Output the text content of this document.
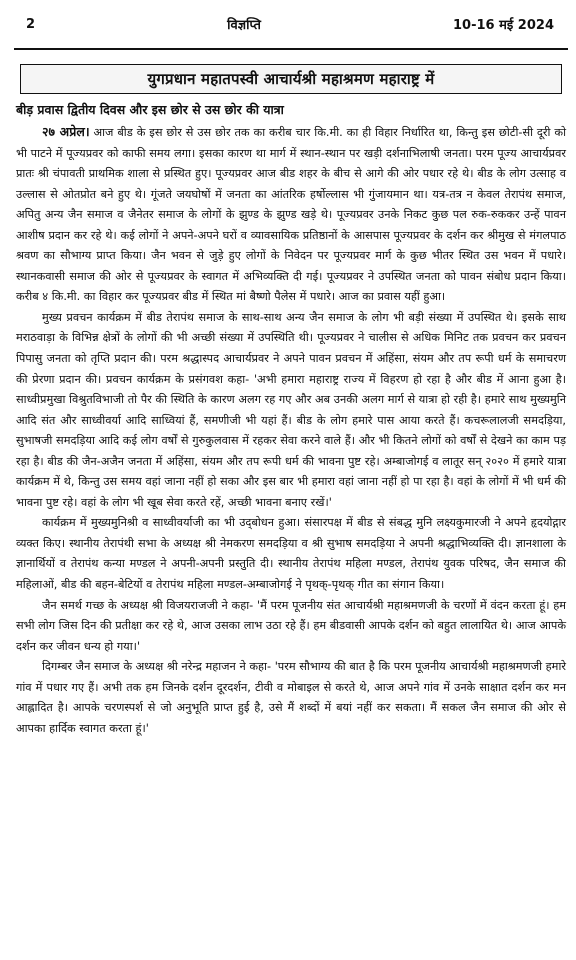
2	विज्ञप्ति	10-16 मई 2024
युगप्रधान महातपस्वी आचार्यश्री महाश्रमण महाराष्ट्र में
बीड़ प्रवास द्वितीय दिवस और इस छोर से उस छोर की यात्रा

२७ अप्रेल। आज बीड के इस छोर से उस छोर तक का करीब चार कि.मी. का ही विहार निर्धारित था, किन्तु इस छोटी-सी दूरी को भी पाटने में पूज्यप्रवर को काफी समय लगा। इसका कारण था मार्ग में स्थान-स्थान पर खड़ी दर्शनाभिलाषी जनता। परम पूज्य आचार्यप्रवर प्रातः श्री चंपावती प्राथमिक शाला से प्रस्थित हुए। पूज्यप्रवर आज बीड शहर के बीच से आगे की ओर पधार रहे थे। बीड के लोग उत्साह व उल्लास से ओतप्रोत बने हुए थे। गूंजते जयघोषों में जनता का आंतरिक हर्षोल्लास भी गुंजायमान था। यत्र-तत्र न केवल तेरापंथ समाज, अपितु अन्य जैन समाज व जैनेतर समाज के लोगों के झुण्ड के झुण्ड खड़े थे। पूज्यप्रवर उनके निकट कुछ पल रुक-रुककर उन्हें पावन आशीष प्रदान कर रहे थे। कई लोगों ने अपने-अपने घरों व व्यावसायिक प्रतिष्ठानों के आसपास पूज्यप्रवर के दर्शन कर श्रीमुख से मंगलपाठ श्रवण का सौभाग्य प्राप्त किया। जैन भवन से जुड़े हुए लोगों के निवेदन पर पूज्यप्रवर मार्ग के कुछ भीतर स्थित उस भवन में पधारे। स्थानकवासी समाज की ओर से पूज्यप्रवर के स्वागत में अभिव्यक्ति दी गई। पूज्यप्रवर ने उपस्थित जनता को पावन संबोध प्रदान किया। करीब ४ कि.मी. का विहार कर पूज्यप्रवर बीड में स्थित मां बैष्णो पैलेस में पधारे। आज का प्रवास यहीं हुआ।

मुख्य प्रवचन कार्यक्रम में बीड तेरापंथ समाज के साथ-साथ अन्य जैन समाज के लोग भी बड़ी संख्या में उपस्थित थे। इसके साथ मराठवाड़ा के विभिन्न क्षेत्रों के लोगों की भी अच्छी संख्या में उपस्थिति थी। पूज्यप्रवर ने चालीस से अधिक मिनिट तक प्रवचन कर प्रवचन पिपासु जनता को तृप्ति प्रदान की। परम श्रद्धास्पद आचार्यप्रवर ने अपने पावन प्रवचन में अहिंसा, संयम और तप रूपी धर्म के समाचरण की प्रेरणा प्रदान की। प्रवचन कार्यक्रम के प्रसंगवश कहा- 'अभी हमारा महाराष्ट्र राज्य में विहरण हो रहा है और बीड में आना हुआ है। साध्वीप्रमुखा विश्रुतविभाजी तो पैर की स्थिति के कारण अलग रह गए और अब उनकी अलग मार्ग से यात्रा हो रही है। हमारे साथ मुख्यमुनि आदि संत और साध्वीवर्या आदि साध्वियां हैं, समणीजी भी यहां हैं। बीड के लोग हमारे पास आया करते हैं। कचरूलालजी समदड़िया, सुभाषजी समदड़िया आदि कई लोग वर्षों से गुरुकुलवास में रहकर सेवा करने वाले हैं। और भी कितने लोगों को वर्षों से देखने का काम पड़ रहा है। बीड की जैन-अजैन जनता में अहिंसा, संयम और तप रूपी धर्म की भावना पुष्ट रहे। अम्बाजोगई व लातूर सन् २०२० में हमारे यात्रा कार्यक्रम में थे, किन्तु उस समय वहां जाना नहीं हो सका और इस बार भी हमारा वहां जाना नहीं हो पा रहा है। वहां के लोगों में भी धर्म की भावना पुष्ट रहे। वहां के लोग भी खूब सेवा करते रहें, अच्छी भावना बनाए रखें।'

कार्यक्रम में मुख्यमुनिश्री व साध्वीवर्याजी का भी उद्‌बोधन हुआ। संसारपक्ष में बीड से संबद्ध मुनि लक्ष्यकुमारजी ने अपने हृदयोद्गार व्यक्त किए। स्थानीय तेरापंथी सभा के अध्यक्ष श्री नेमकरण समदड़िया व श्री सुभाष समदड़िया ने अपनी श्रद्धाभिव्यक्ति दी। ज्ञानशाला के ज्ञानार्थियों व तेरापंथ कन्या मण्डल ने अपनी-अपनी प्रस्तुति दी। स्थानीय तेरापंथ महिला मण्डल, तेरापंथ युवक परिषद, जैन समाज की महिलाओं, बीड की बहन-बेटियों व तेरापंथ महिला मण्डल-अम्बाजोगई ने पृथक्-पृथक् गीत का संगान किया।

जैन समर्थ गच्छ के अध्यक्ष श्री विजयराजजी ने कहा- 'मैं परम पूजनीय संत आचार्यश्री महाश्रमणजी के चरणों में वंदन करता हूं। हम सभी लोग जिस दिन की प्रतीक्षा कर रहे थे, आज उसका लाभ उठा रहे हैं। हम बीडवासी आपके दर्शन को बहुत लालायित थे। आज आपके दर्शन कर जीवन धन्य हो गया।'

दिगम्बर जैन समाज के अध्यक्ष श्री नरेन्द्र महाजन ने कहा- 'परम सौभाग्य की बात है कि परम पूजनीय आचार्यश्री महाश्रमणजी हमारे गांव में पधार गए हैं। अभी तक हम जिनके दर्शन दूरदर्शन, टीवी व मोबाइल से करते थे, आज अपने गांव में उनके साक्षात दर्शन कर मन आह्लादित है। आपके चरणस्पर्श से जो अनुभूति प्राप्त हुई है, उसे मैं शब्दों में बयां नहीं कर सकता। मैं सकल जैन समाज की ओर से आपका हार्दिक स्वागत करता हूं।'
